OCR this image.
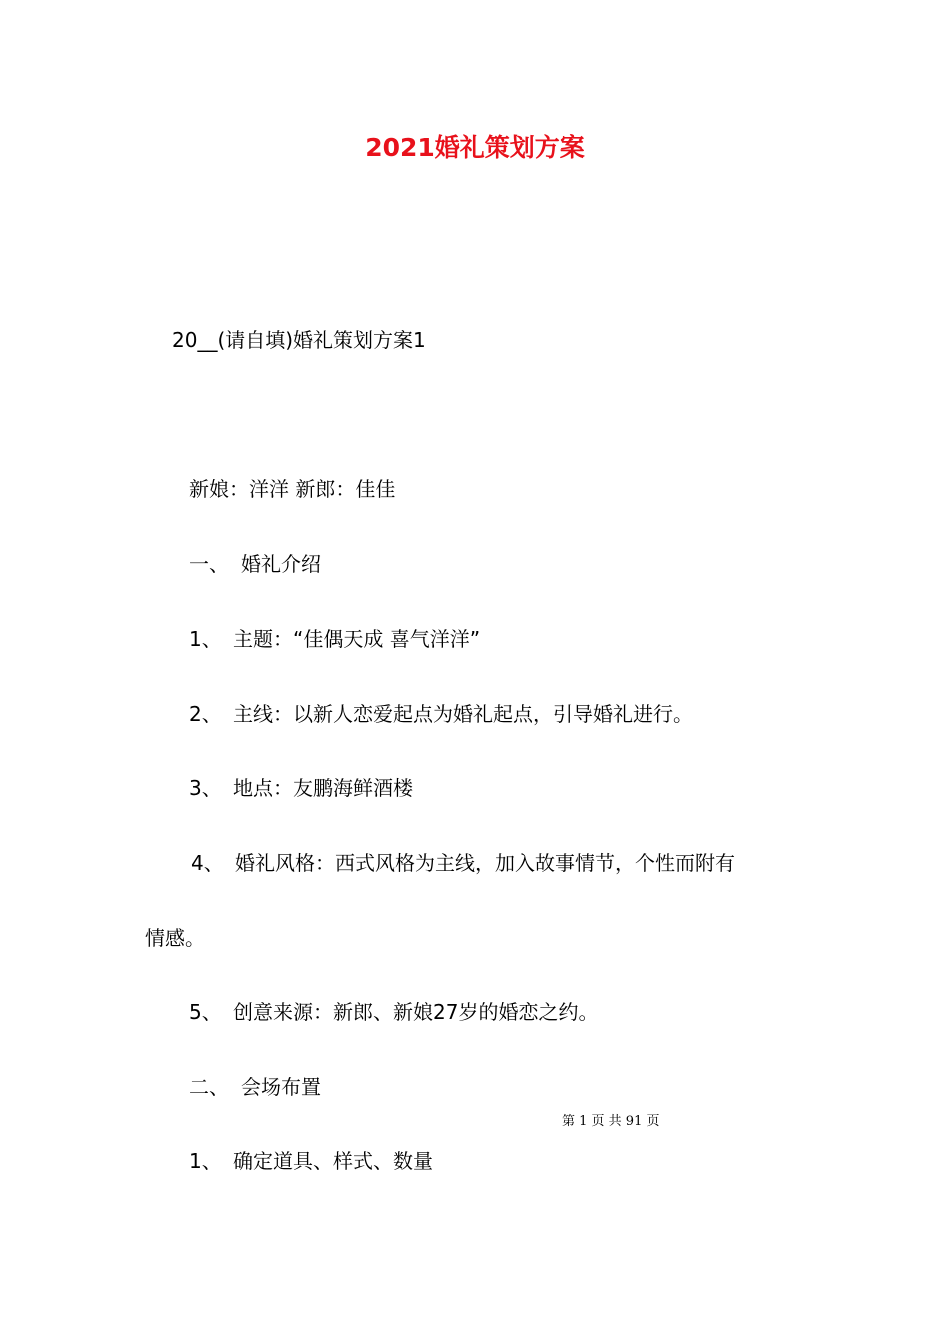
2021婚礼策划方案
20__(请自填)婚礼策划方案1
新娘：洋洋 新郎：佳佳
一、 婚礼介绍
1、 主题：“佳偶天成 喜气洋洋”
2、 主线：以新人恋爱起点为婚礼起点，引导婚礼进行。
3、 地点：友鹏海鲜酒楼
4、 婚礼风格：西式风格为主线，加入故事情节，个性而附有
情感。
5、 创意来源：新郎、新娘27岁的婚恋之约。
二、 会场布置
第 1 页 共 91 页
1、 确定道具、样式、数量
